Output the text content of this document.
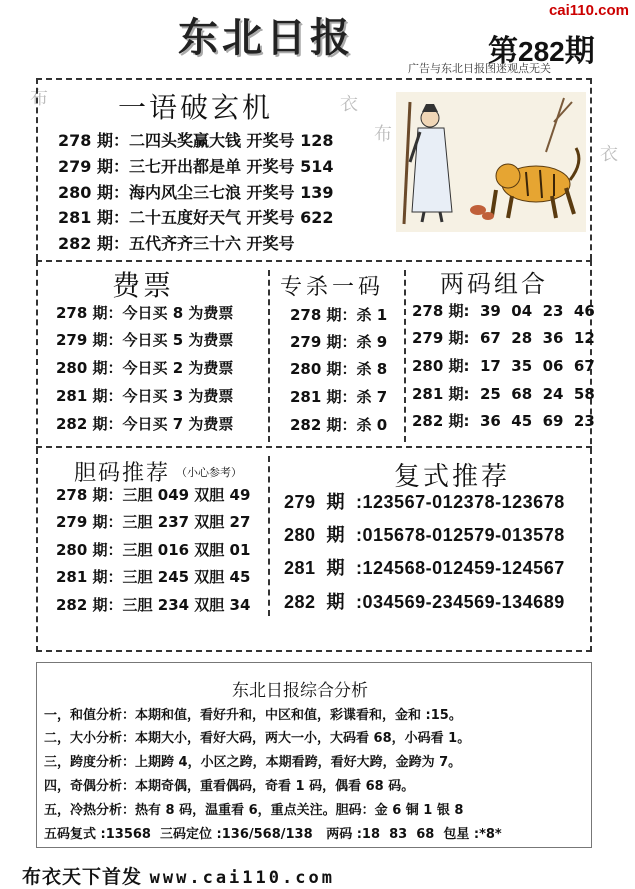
东北日报
cai110.com
第282期
广告与东北日报图迷观点无关
布	衣
布
衣
一语破玄机
278 期：二四头奖赢大钱 开奖号 128
279 期：三七开出都是单 开奖号 514
280 期：海内风尘三七浪 开奖号 139
281 期：二十五度好天气 开奖号 622
282 期：五代齐齐三十六 开奖号
费票
278 期：今日买 8 为费票
279 期：今日买 5 为费票
280 期：今日买 2 为费票
281 期：今日买 3 为费票
282 期：今日买 7 为费票
专杀一码
278 期：杀 1
279 期：杀 9
280 期：杀 8
281 期：杀 7
282 期：杀 0
两码组合
278 期:  39  04  23  46
279 期:  67  28  36  12
280 期:  17  35  06  67
281 期:  25  68  24  58
282 期:  36  45  69  23
胆码推荐 （小心参考）
278 期：三胆 049 双胆 49
279 期：三胆 237 双胆 27
280 期：三胆 016 双胆 01
281 期：三胆 245 双胆 45
282 期：三胆 234 双胆 34
复式推荐
279  期  :123567-012378-123678
280  期  :015678-012579-013578
281  期  :124568-012459-124567
282  期  :034569-234569-134689
东北日报综合分析
一，和值分析：本期和值，看好升和，中区和值，彩谍看和，金和 :15。
二，大小分析：本期大小，看好大码，两大一小，大码看 68，小码看 1。
三，跨度分析：上期跨 4，小区之跨，本期看跨，看好大跨，金跨为 7。
四，奇偶分析：本期奇偶，重看偶码，奇看 1 码，偶看 68 码。
五，冷热分析：热有 8 码，温重看 6，重点关注。胆码：金 6 铜 1 银 8
五码复式 :13568  三码定位 :136/568/138   两码 :18  83  68  包星 :*8*
布衣天下首发 www.cai110.com
